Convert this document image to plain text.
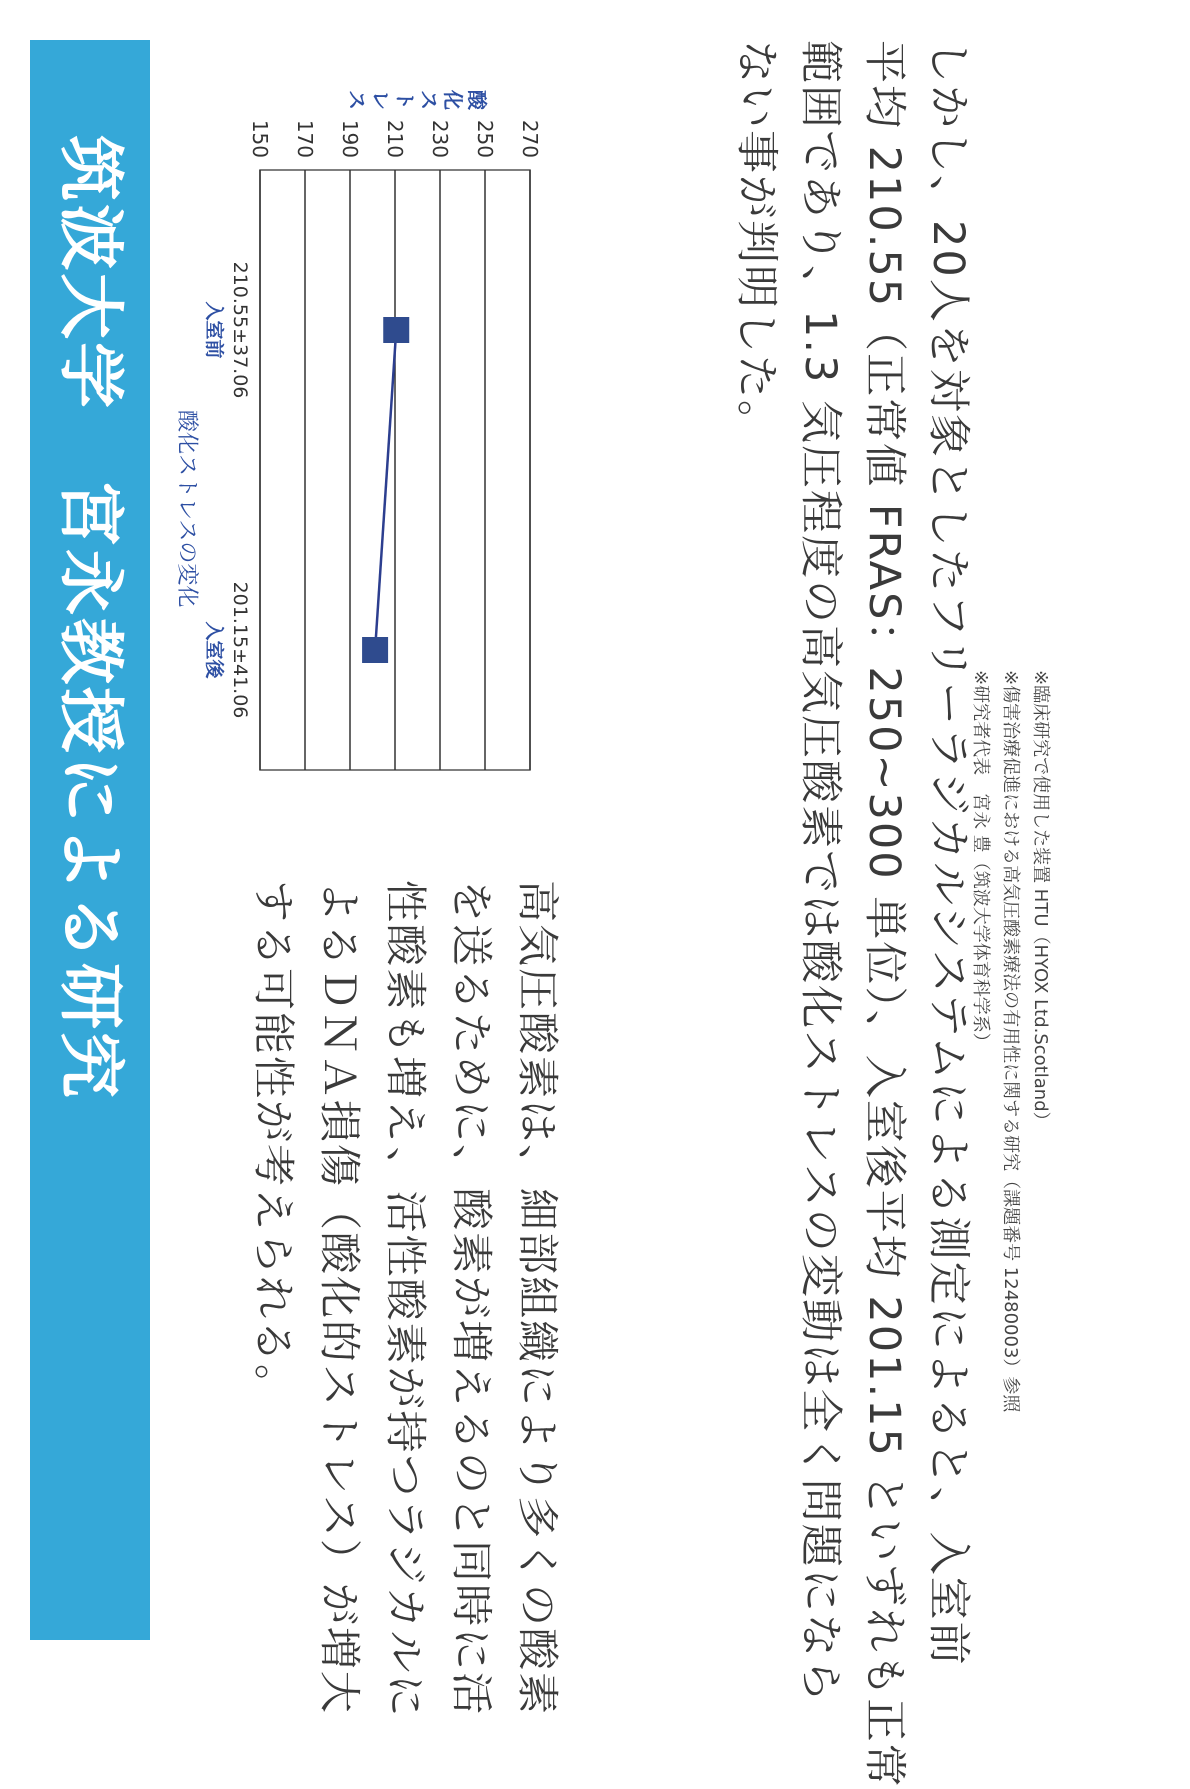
筑波大学　宮永教授による研究	酸化ストレスの変化
酸化ストレス
150 170 190 210 230 250 270
210.55±37.06
入室前
201.15±41.06
入室後
高気圧酸素は、細部組織により多くの酸素
を送るために、酸素が増えるのと同時に活
性酸素も増え、活性酸素が持つラジカルに
よるＤＮＡ損傷（酸化的ストレス）が増大
する可能性が考えられる。	※臨床研究で使用した装置 HTU（HYOX Ltd.Scotland）
※傷害治療促進における高気圧酸素療法の有用性に関する研究（課題番号 12480003）参照
※研究者代表　宮永 豊（筑波大学体育科学系）
しかし、20人を対象としたフリーラジカルシステムによる測定によると、入室前
平均 210.55（正常値 FRAS：250~300 単位）、入室後平均 201.15 といずれも正常
範囲であり、1.3 気圧程度の高気圧酸素では酸化ストレスの変動は全く問題になら
ない事が判明した。
